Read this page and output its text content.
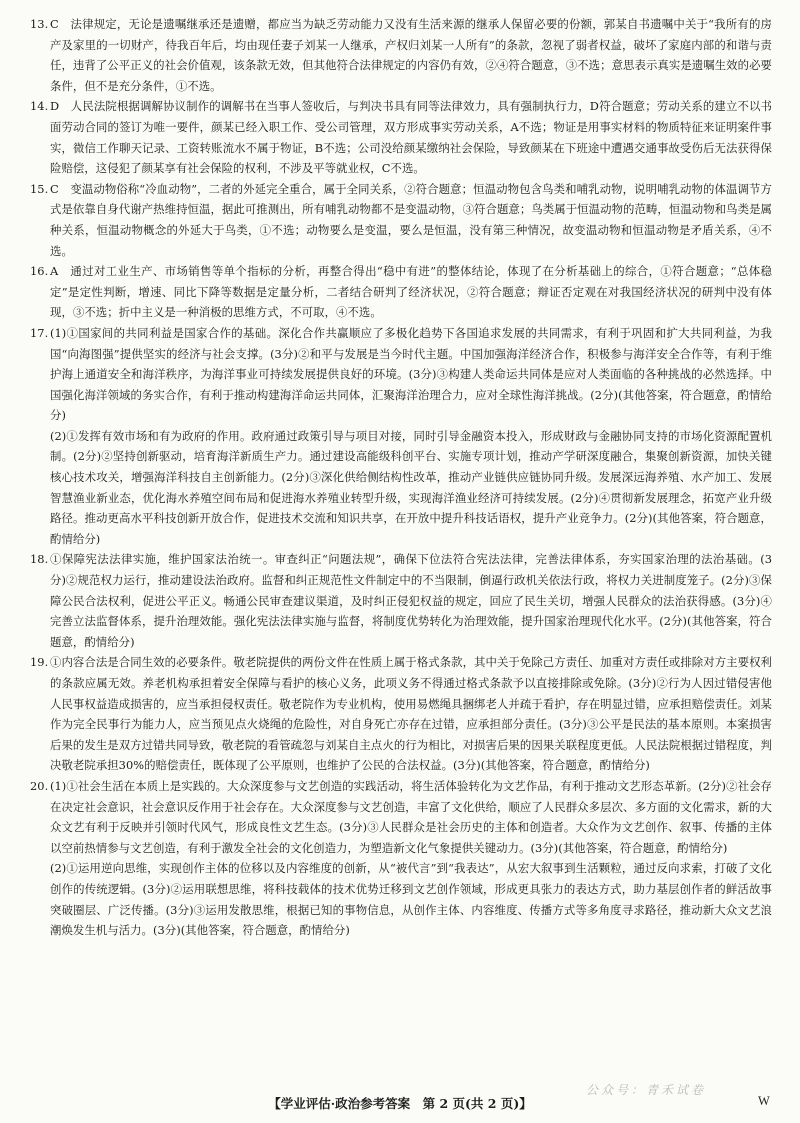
13. C　法律规定，无论是遗嘱继承还是遗赠，都应当为缺乏劳动能力又没有生活来源的继承人保留必要的份额，郭某自书遗嘱中关于“我所有的房产及家里的一切财产，待我百年后，均由现任妻子刘某一人继承，产权归刘某一人所有”的条款，忽视了弱者权益，破坏了家庭内部的和谐与责任，违背了公平正义的社会价值观，该条款无效，但其他符合法律规定的内容仍有效，②④符合题意，③不选；意思表示真实是遗嘱生效的必要条件，但不是充分条件，①不选。
14. D　人民法院根据调解协议制作的调解书在当事人签收后，与判决书具有同等法律效力，具有强制执行力，D符合题意；劳动关系的建立不以书面劳动合同的签订为唯一要件，颜某已经入职工作、受公司管理，双方形成事实劳动关系，A不选；物证是用事实材料的物质特征来证明案件事实，微信工作聊天记录、工资转账流水不属于物证，B不选；公司没给颜某缴纳社会保险，导致颜某在下班途中遭遇交通事故受伤后无法获得保险赔偿，这侵犯了颜某享有社会保险的权利，不涉及平等就业权，C不选。
15. C　变温动物俗称“冷血动物”，二者的外延完全重合，属于全同关系，②符合题意；恒温动物包含鸟类和哺乳动物，说明哺乳动物的体温调节方式是依靠自身代谢产热维持恒温，据此可推测出，所有哺乳动物都不是变温动物，③符合题意；鸟类属于恒温动物的范畴，恒温动物和鸟类是属种关系，恒温动物概念的外延大于鸟类，①不选；动物要么是变温，要么是恒温，没有第三种情况，故变温动物和恒温动物是矛盾关系，④不选。
16. A　通过对工业生产、市场销售等单个指标的分析，再整合得出“稳中有进”的整体结论，体现了在分析基础上的综合，①符合题意；“总体稳定”是定性判断，增速、同比下降等数据是定量分析，二者结合研判了经济状况，②符合题意；辩证否定观在对我国经济状况的研判中没有体现，③不选；折中主义是一种消极的思维方式，不可取，④不选。
17. (1)①国家间的共同利益是国家合作的基础。深化合作共赢顺应了多极化趋势下各国追求发展的共同需求，有利于巩固和扩大共同利益，为我国“向海图强”提供坚实的经济与社会支撑。(3分)②和平与发展是当今时代主题。中国加强海洋经济合作，积极参与海洋安全合作等，有利于维护海上通道安全和海洋秩序，为海洋事业可持续发展提供良好的环境。(3分)③构建人类命运共同体是应对人类面临的各种挑战的必然选择。中国强化海洋领域的务实合作，有利于推动构建海洋命运共同体，汇聚海洋治理合力，应对全球性海洋挑战。(2分)(其他答案，符合题意，酌情给分)
(2)①发挥有效市场和有为政府的作用。政府通过政策引导与项目对接，同时引导金融资本投入，形成财政与金融协同支持的市场化资源配置机制。(2分)②坚持创新驱动，培育海洋新质生产力。通过建设高能级科创平台、实施专项计划，推动产学研深度融合，集聚创新资源，加快关键核心技术攻关，增强海洋科技自主创新能力。(2分)③深化供给侧结构性改革，推动产业链供应链协同升级。发展深远海养殖、水产加工、发展智慧渔业新业态，优化海水养殖空间布局和促进海水养殖业转型升级，实现海洋渔业经济可持续发展。(2分)④贯彻新发展理念，拓宽产业升级路径。推动更高水平科技创新开放合作，促进技术交流和知识共享，在开放中提升科技话语权，提升产业竞争力。(2分)(其他答案，符合题意，酌情给分)
18. ①保障宪法法律实施，维护国家法治统一。审查纠正“问题法规”，确保下位法符合宪法法律，完善法律体系，夯实国家治理的法治基础。(3分)②规范权力运行，推动建设法治政府。监督和纠正规范性文件制定中的不当限制，倒逼行政机关依法行政，将权力关进制度笼子。(2分)③保障公民合法权利，促进公平正义。畅通公民审查建议渠道，及时纠正侵犯权益的规定，回应了民生关切，增强人民群众的法治获得感。(3分)④完善立法监督体系，提升治理效能。强化宪法法律实施与监督，将制度优势转化为治理效能，提升国家治理现代化水平。(2分)(其他答案，符合题意，酌情给分)
19. ①内容合法是合同生效的必要条件。敬老院提供的两份文件在性质上属于格式条款，其中关于免除己方责任、加重对方责任或排除对方主要权利的条款应属无效。养老机构承担着安全保障与看护的核心义务，此项义务不得通过格式条款予以直接排除或免除。(3分)②行为人因过错侵害他人民事权益造成损害的，应当承担侵权责任。敬老院作为专业机构，使用易燃绳具捆绑老人并疏于看护，存在明显过错，应承担赔偿责任。刘某作为完全民事行为能力人，应当预见点火烧绳的危险性，对自身死亡亦存在过错，应承担部分责任。(3分)③公平是民法的基本原则。本案损害后果的发生是双方过错共同导致，敬老院的看管疏忽与刘某自主点火的行为相比，对损害后果的因果关联程度更低。人民法院根据过错程度，判决敬老院承担30%的赔偿责任，既体现了公平原则，也维护了公民的合法权益。(3分)(其他答案，符合题意，酌情给分)
20. (1)①社会生活在本质上是实践的。大众深度参与文艺创造的实践活动，将生活体验转化为文艺作品，有利于推动文艺形态革新。(2分)②社会存在决定社会意识，社会意识反作用于社会存在。大众深度参与文艺创造，丰富了文化供给，顺应了人民群众多层次、多方面的文化需求，新的大众文艺有利于反映并引领时代风气，形成良性文艺生态。(3分)③人民群众是社会历史的主体和创造者。大众作为文艺创作、叙事、传播的主体以空前热情参与文艺创造，有利于激发全社会的文化创造力，为塑造新文化气象提供关键动力。(3分)(其他答案，符合题意，酌情给分)
(2)①运用逆向思维，实现创作主体的位移以及内容维度的创新，从“被代言”到“我表达”，从宏大叙事到生活颗粒，通过反向求索，打破了文化创作的传统逻辑。(3分)②运用联想思维，将科技载体的技术优势迁移到文艺创作领域，形成更具张力的表达方式，助力基层创作者的鲜活故事突破圈层、广泛传播。(3分)③运用发散思维，根据已知的事物信息，从创作主体、内容维度、传播方式等多角度寻求路径，推动新大众文艺浪潮焕发生机与活力。(3分)(其他答案，符合题意，酌情给分)
公众号：青禾试卷
【学业评估·政治参考答案　第 2 页(共 2 页)】	W
